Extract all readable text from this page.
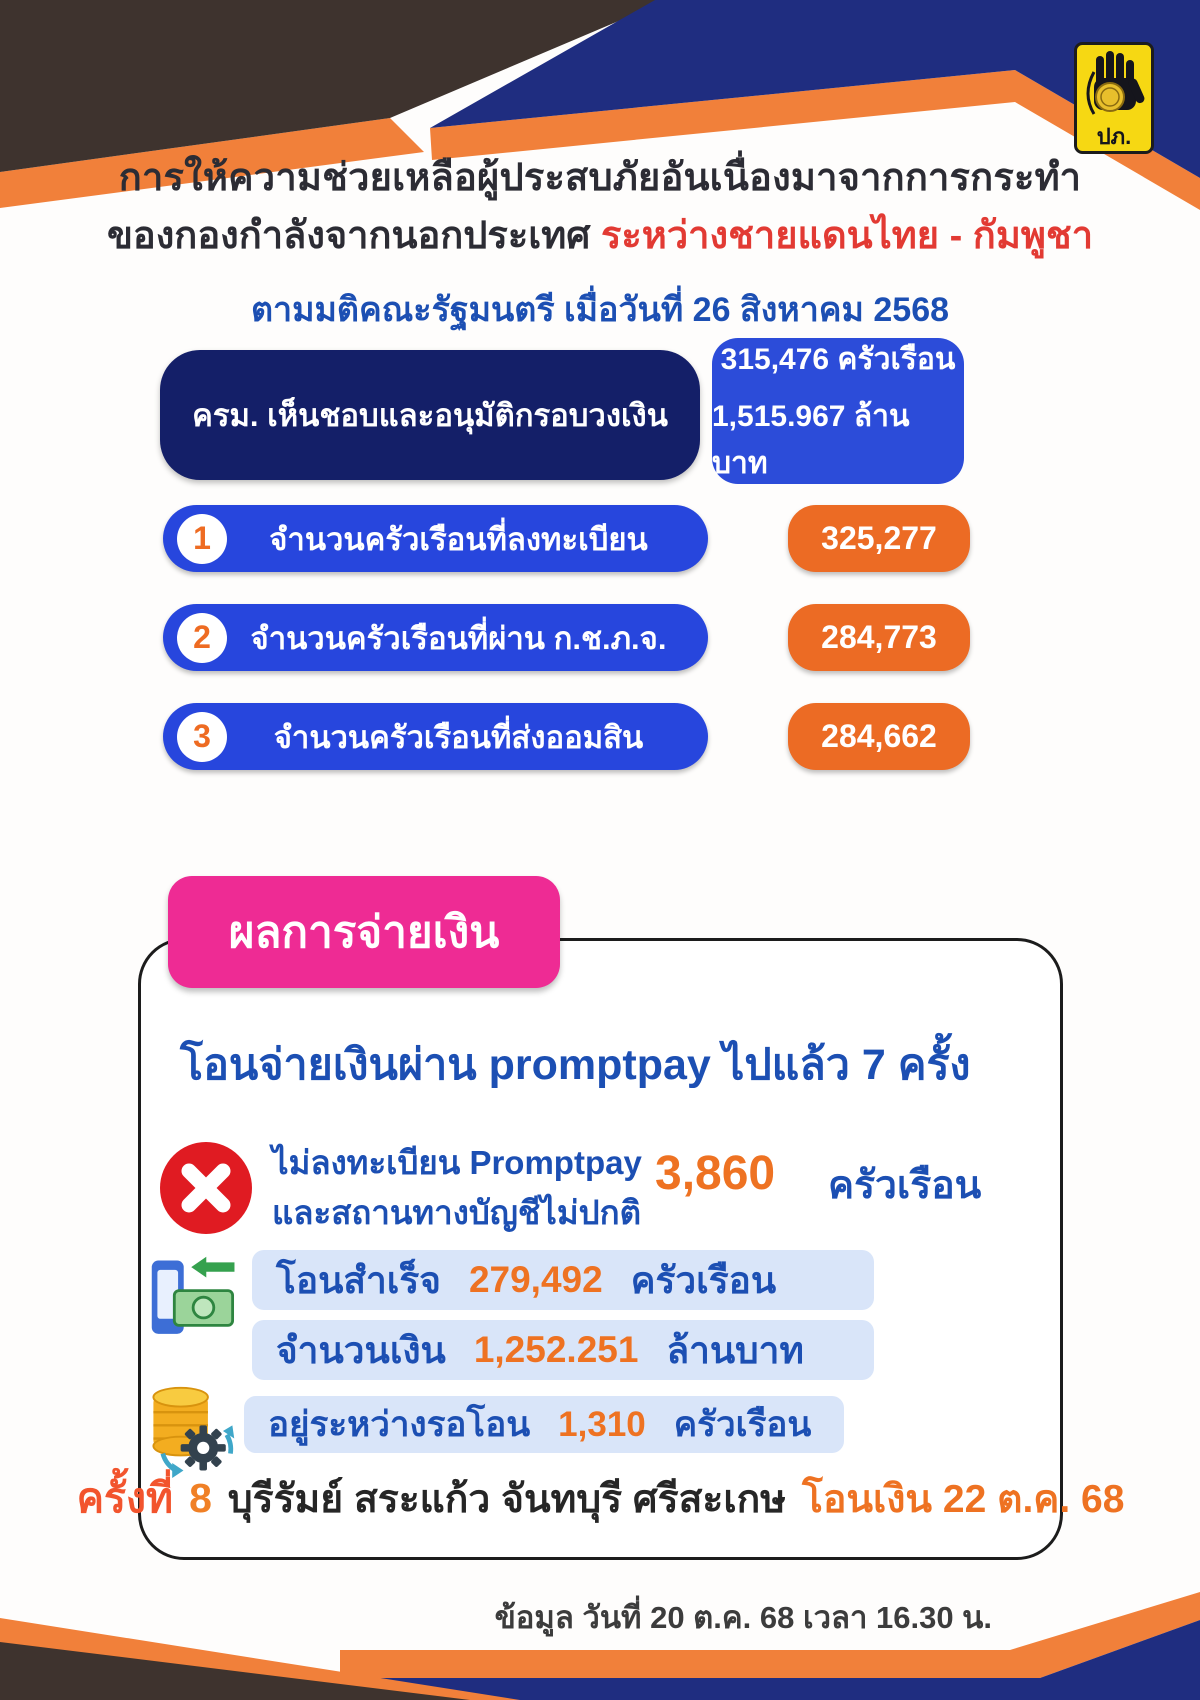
ปภ.
การให้ความช่วยเหลือผู้ประสบภัยอันเนื่องมาจากการกระทำ
ของกองกำลังจากนอกประเทศ ระหว่างชายแดนไทย - กัมพูชา
ตามมติคณะรัฐมนตรี เมื่อวันที่ 26 สิงหาคม 2568
ครม. เห็นชอบและอนุมัติกรอบวงเงิน
315,476 ครัวเรือน
1,515.967 ล้านบาท
1	จำนวนครัวเรือนที่ลงทะเบียน	325,277
2	จำนวนครัวเรือนที่ผ่าน ก.ช.ภ.จ.	284,773
3	จำนวนครัวเรือนที่ส่งออมสิน	284,662
ผลการจ่ายเงิน
โอนจ่ายเงินผ่าน promptpay ไปแล้ว 7 ครั้ง
ไม่ลงทะเบียน Promptpay
และสถานทางบัญชีไม่ปกติ
3,860 ครัวเรือน
โอนสำเร็จ 279,492 ครัวเรือน
จำนวนเงิน 1,252.251 ล้านบาท
อยู่ระหว่างรอโอน 1,310 ครัวเรือน
ครั้งที่ 8 บุรีรัมย์ สระแก้ว จันทบุรี ศรีสะเกษ โอนเงิน 22 ต.ค. 68
ข้อมูล วันที่ 20 ต.ค. 68 เวลา 16.30 น.
